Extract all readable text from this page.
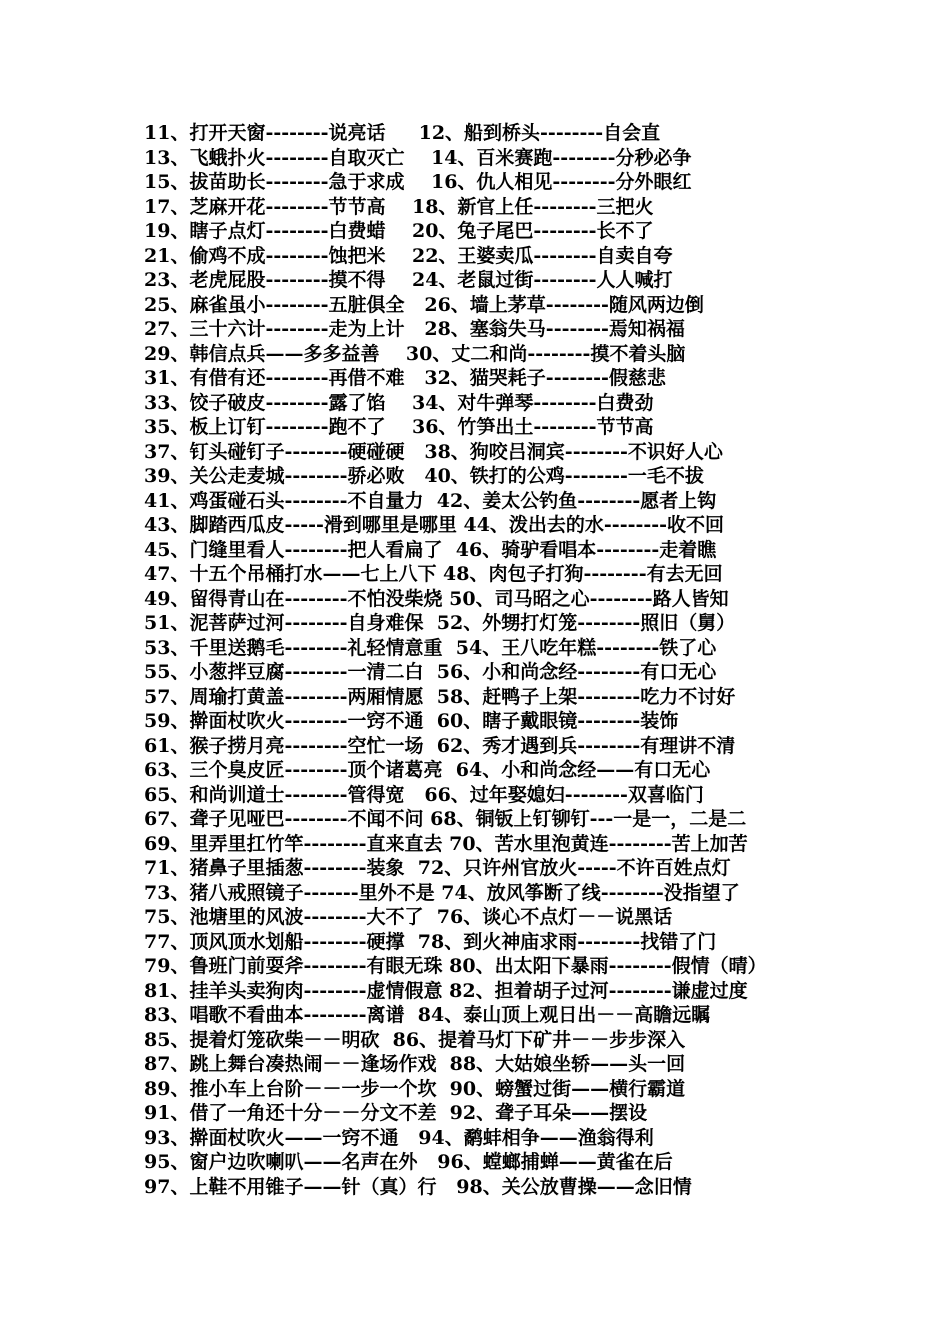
11、打开天窗--------说亮话     12、船到桥头--------自会直
13、飞蛾扑火--------自取灭亡    14、百米赛跑--------分秒必争
15、拔苗助长--------急于求成    16、仇人相见--------分外眼红
17、芝麻开花--------节节高    18、新官上任--------三把火
19、瞎子点灯--------白费蜡    20、兔子尾巴--------长不了
21、偷鸡不成--------蚀把米    22、王婆卖瓜--------自卖自夸
23、老虎屁股--------摸不得    24、老鼠过街--------人人喊打
25、麻雀虽小--------五脏俱全   26、墙上茅草--------随风两边倒
27、三十六计--------走为上计   28、塞翁失马--------焉知祸福
29、韩信点兵——多多益善    30、丈二和尚--------摸不着头脑
31、有借有还--------再借不难   32、猫哭耗子--------假慈悲
33、饺子破皮--------露了馅    34、对牛弹琴--------白费劲
35、板上订钉--------跑不了    36、竹笋出土--------节节高
37、钉头碰钉子--------硬碰硬   38、狗咬吕洞宾--------不识好人心
39、关公走麦城--------骄必败   40、铁打的公鸡--------一毛不拔
41、鸡蛋碰石头--------不自量力  42、姜太公钓鱼--------愿者上钩
43、脚踏西瓜皮-----滑到哪里是哪里 44、泼出去的水--------收不回
45、门缝里看人--------把人看扁了  46、骑驴看唱本--------走着瞧
47、十五个吊桶打水——七上八下 48、肉包子打狗--------有去无回
49、留得青山在--------不怕没柴烧 50、司马昭之心--------路人皆知
51、泥菩萨过河--------自身难保  52、外甥打灯笼--------照旧（舅）
53、千里送鹅毛--------礼轻情意重  54、王八吃年糕--------铁了心
55、小葱拌豆腐--------一清二白  56、小和尚念经--------有口无心
57、周瑜打黄盖--------两厢情愿  58、赶鸭子上架--------吃力不讨好
59、擀面杖吹火--------一窍不通  60、瞎子戴眼镜--------装饰
61、猴子捞月亮--------空忙一场  62、秀才遇到兵--------有理讲不清
63、三个臭皮匠--------顶个诸葛亮  64、小和尚念经——有口无心
65、和尚训道士--------管得宽   66、过年娶媳妇--------双喜临门
67、聋子见哑巴--------不闻不问 68、铜钣上钉铆钉---一是一，二是二
69、里弄里扛竹竿--------直来直去 70、苦水里泡黄连--------苦上加苦
71、猪鼻子里插葱--------装象  72、只许州官放火-----不许百姓点灯
73、猪八戒照镜子-------里外不是 74、放风筝断了线--------没指望了
75、池塘里的风波--------大不了  76、谈心不点灯－－说黑话
77、顶风顶水划船--------硬撑  78、到火神庙求雨--------找错了门
79、鲁班门前耍斧--------有眼无珠 80、出太阳下暴雨--------假情（晴）
81、挂羊头卖狗肉--------虚情假意 82、担着胡子过河--------谦虚过度
83、唱歌不看曲本--------离谱  84、泰山顶上观日出－－高瞻远瞩
85、提着灯笼砍柴－－明砍  86、提着马灯下矿井－－步步深入
87、跳上舞台凑热闹－－逢场作戏  88、大姑娘坐轿——头一回
89、推小车上台阶－－一步一个坎  90、螃蟹过街——横行霸道
91、借了一角还十分－－分文不差  92、聋子耳朵——摆设
93、擀面杖吹火——一窍不通   94、鹬蚌相争——渔翁得利
95、窗户边吹喇叭——名声在外   96、螳螂捕蝉——黄雀在后
97、上鞋不用锥子——针（真）行   98、关公放曹操——念旧情
